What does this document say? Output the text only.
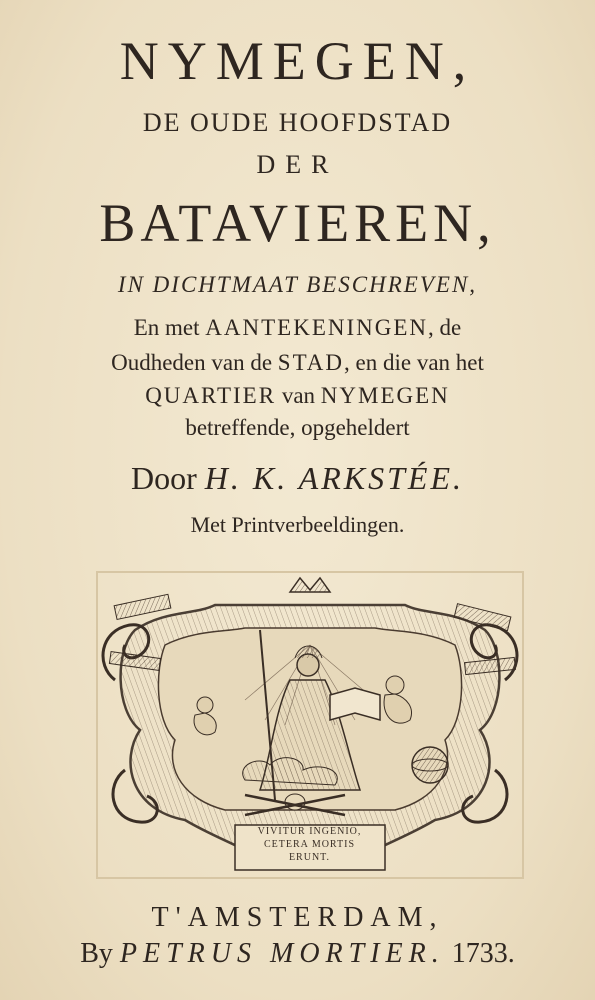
NYMEGEN,
DE OUDE HOOFDSTAD
DER
BATAVIEREN,
IN DICHTMAAT BESCHREVEN,
En met AANTEKENINGEN, de
Oudheden van de STAD, en die van het
QUARTIER van NYMEGEN
betreffende, opgeheldert
Door H. K. ARKSTÉE.
Met Printverbeeldingen.
VIVITUR INGENIO,
CETERA MORTIS
ERUNT.
T'AMSTERDAM,
By PETRUS MORTIER. 1733.
